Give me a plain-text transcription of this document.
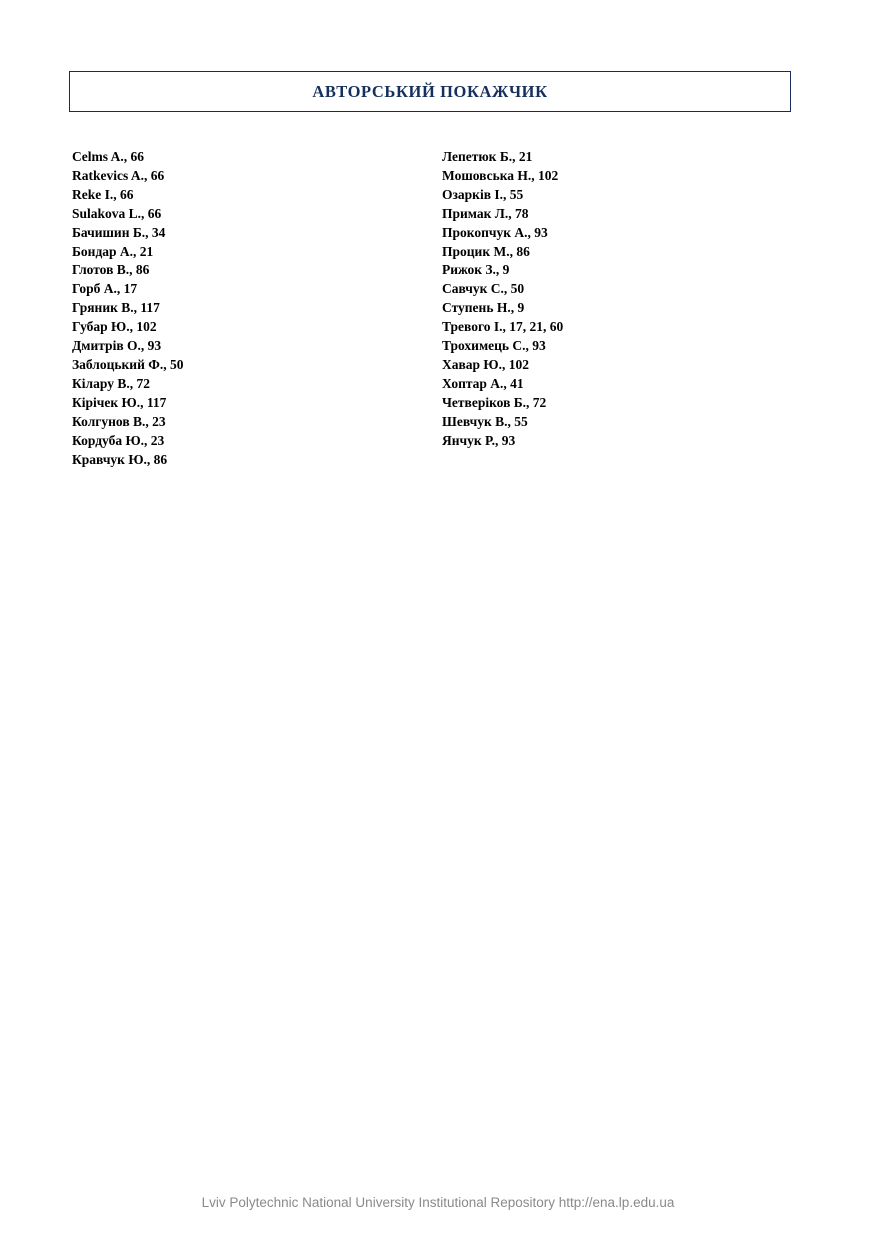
АВТОРСЬКИЙ ПОКАЖЧИК
Celms A., 66
Ratkevics A., 66
Reke I., 66
Sulakova L., 66
Бачишин Б., 34
Бондар А., 21
Глотов В., 86
Горб А., 17
Гряник В., 117
Губар Ю., 102
Дмитрів О., 93
Заблоцький Ф., 50
Кілару В., 72
Кірічек Ю., 117
Колгунов В., 23
Кордуба Ю., 23
Кравчук Ю., 86
Лепетюк Б., 21
Мошовська Н., 102
Озарків І., 55
Примак Л., 78
Прокопчук А., 93
Процик М., 86
Рижок З., 9
Савчук С., 50
Ступень Н., 9
Тревого І., 17, 21, 60
Трохимець С., 93
Хавар Ю., 102
Хоптар А., 41
Четверіков Б., 72
Шевчук В., 55
Янчук Р., 93
Lviv Polytechnic National University Institutional Repository http://ena.lp.edu.ua
